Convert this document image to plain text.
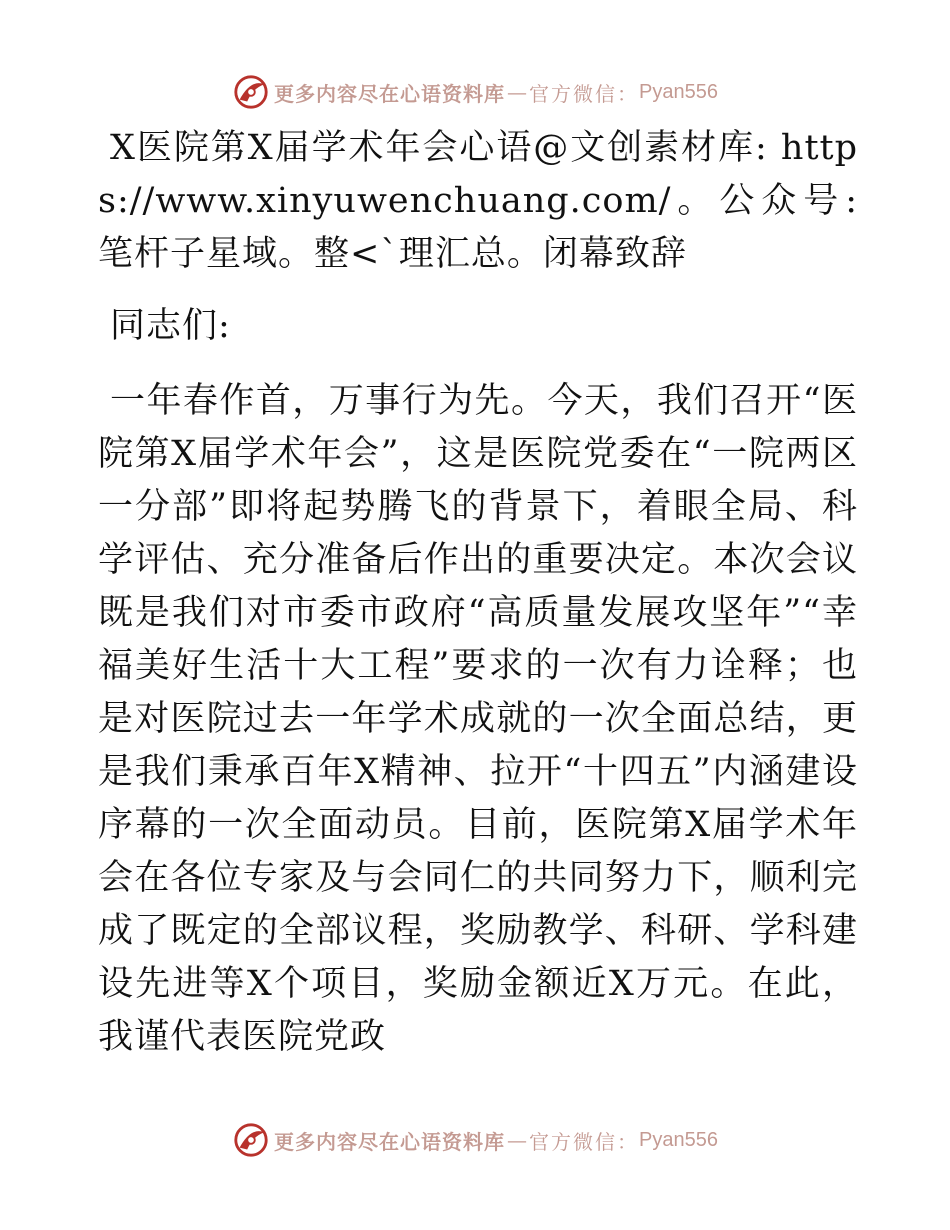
更多内容尽在心语资料库 — 官方微信： Pyan556

X医院第X届学术年会心语@文创素材库: https://www.xinyuwenchuang.com/。公众号: 笔杆子星域。整<`理汇总。闭幕致辞

同志们:

一年春作首，万事行为先。今天，我们召开“医院第X届学术年会”，这是医院党委在“一院两区一分部”即将起势腾飞的背景下，着眼全局、科学评估、充分准备后作出的重要决定。本次会议既是我们对市委市政府“高质量发展攻坚年”“幸福美好生活十大工程”要求的一次有力诠释；也是对医院过去一年学术成就的一次全面总结，更是我们秉承百年X精神、拉开“十四五”内涵建设序幕的一次全面动员。目前，医院第X届学术年会在各位专家及与会同仁的共同努力下，顺利完成了既定的全部议程，奖励教学、科研、学科建设先进等X个项目，奖励金额近X万元。在此，我谨代表医院党政

更多内容尽在心语资料库 — 官方微信： Pyan556
